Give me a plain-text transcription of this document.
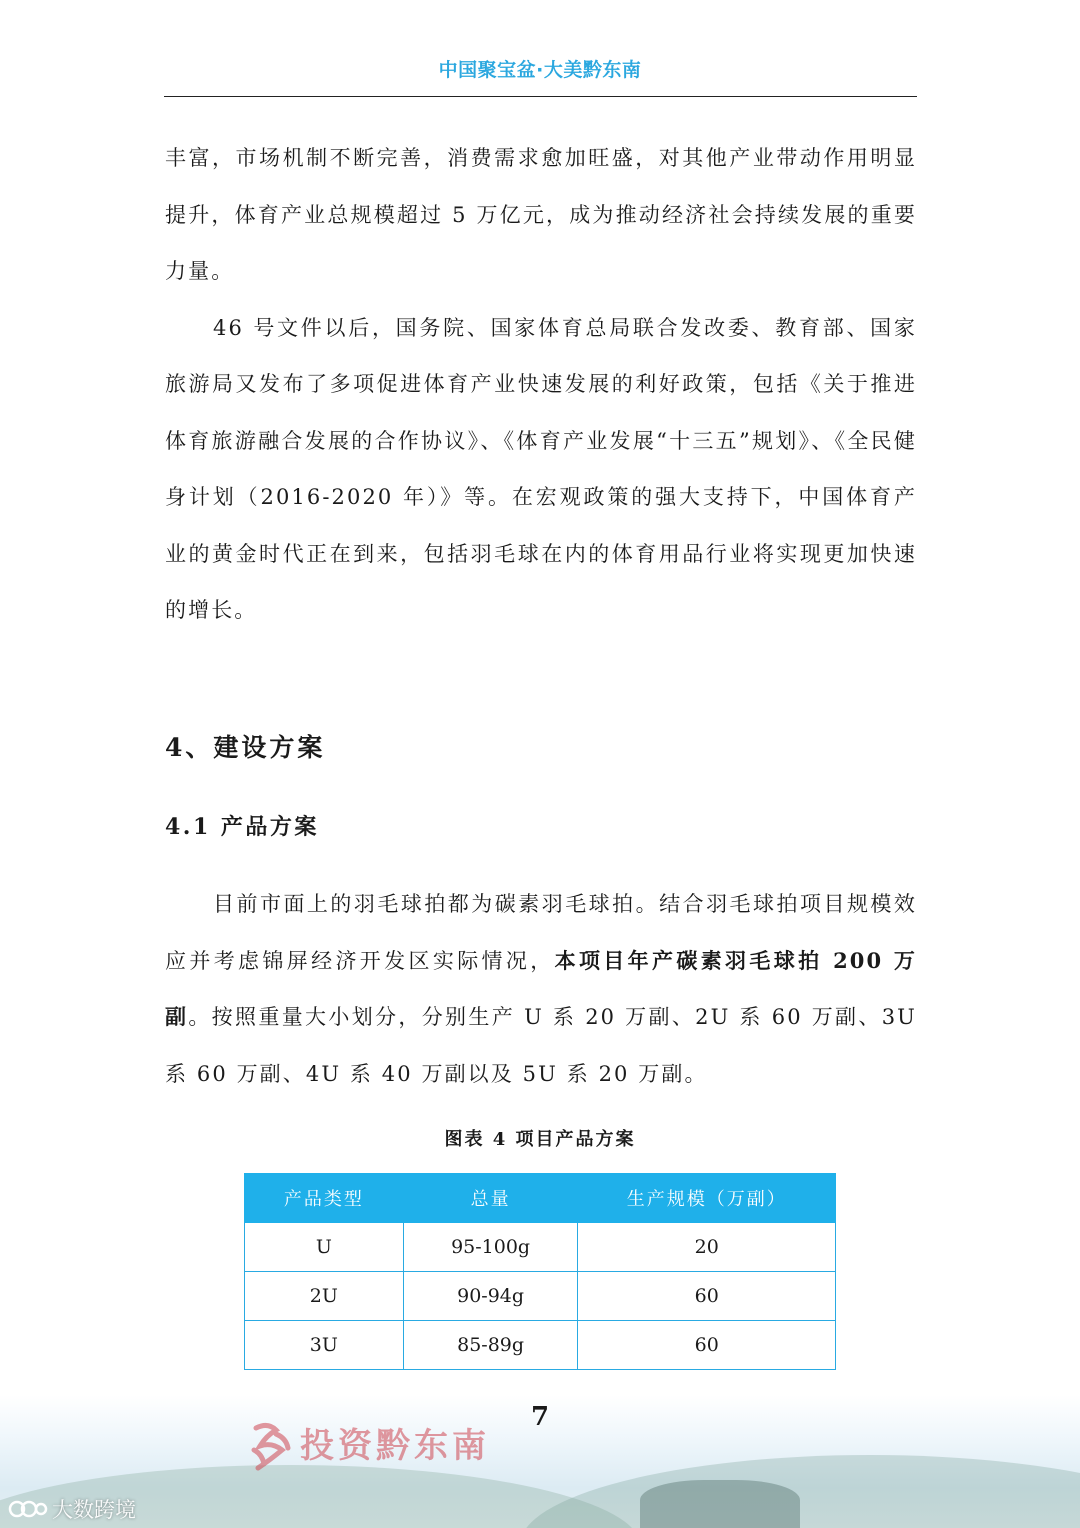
中国聚宝盆·大美黔东南

丰富，市场机制不断完善，消费需求愈加旺盛，对其他产业带动作用明显提升，体育产业总规模超过 5 万亿元，成为推动经济社会持续发展的重要力量。

46 号文件以后，国务院、国家体育总局联合发改委、教育部、国家旅游局又发布了多项促进体育产业快速发展的利好政策，包括《关于推进体育旅游融合发展的合作协议》、《体育产业发展“十三五”规划》、《全民健身计划（2016-2020 年）》等。在宏观政策的强大支持下，中国体育产业的黄金时代正在到来，包括羽毛球在内的体育用品行业将实现更加快速的增长。

4、建设方案
4.1 产品方案

目前市面上的羽毛球拍都为碳素羽毛球拍。结合羽毛球拍项目规模效应并考虑锦屏经济开发区实际情况，本项目年产碳素羽毛球拍 200 万副。按照重量大小划分，分别生产 U 系 20 万副、2U 系 60 万副、3U 系 60 万副、4U 系 40 万副以及 5U 系 20 万副。

图表 4 项目产品方案
产品类型	总量	生产规模（万副）
U	95-100g	20
2U	90-94g	60
3U	85-89g	60
7
投资黔东南
大数跨境
